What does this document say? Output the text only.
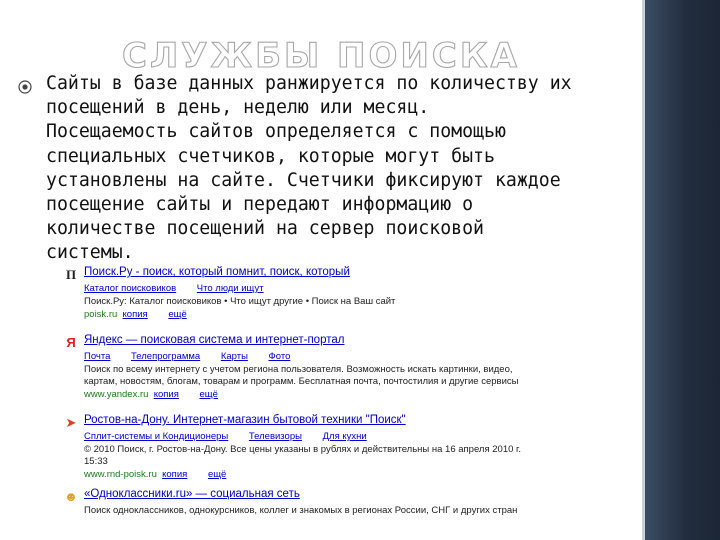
СЛУЖБЫ ПОИСКА
Сайты в базе данных ранжируется по количеству их
посещений в день, неделю или месяц.
Посещаемость сайтов определяется с помощью
специальных счетчиков, которые могут быть
установлены на сайте. Счетчики фиксируют каждое
посещение сайты и передают информацию о
количестве посещений на сервер поисковой
системы.
П Поиск.Ру - поиск, который помнит, поиск, который
Каталог поисковиков Что люди ищут
Поиск.Ру: Каталог поисковиков • Что ищут другие • Поиск на Ваш сайт
poisk.ru копия ещё
Я Яндекс — поисковая система и интернет-портал
Почта Телепрограмма Карты Фото
Поиск по всему интернету с учетом региона пользователя. Возможность искать картинки, видео,
картам, новостям, блогам, товарам и программ. Бесплатная почта, почтостилия и другие сервисы
www.yandex.ru копия ещё
➤ Ростов-на-Дону. Интернет-магазин бытовой техники "Поиск"
Сплит-системы и Кондиционеры Телевизоры Для кухни
© 2010 Поиск, г. Ростов-на-Дону. Все цены указаны в рублях и действительны на 16 апреля 2010 г.
15:33
www.rnd-poisk.ru копия ещё
☻ «Одноклассники.ru» — социальная сеть
Поиск одноклассников, однокурсников, коллег и знакомых в регионах России, СНГ и других стран
